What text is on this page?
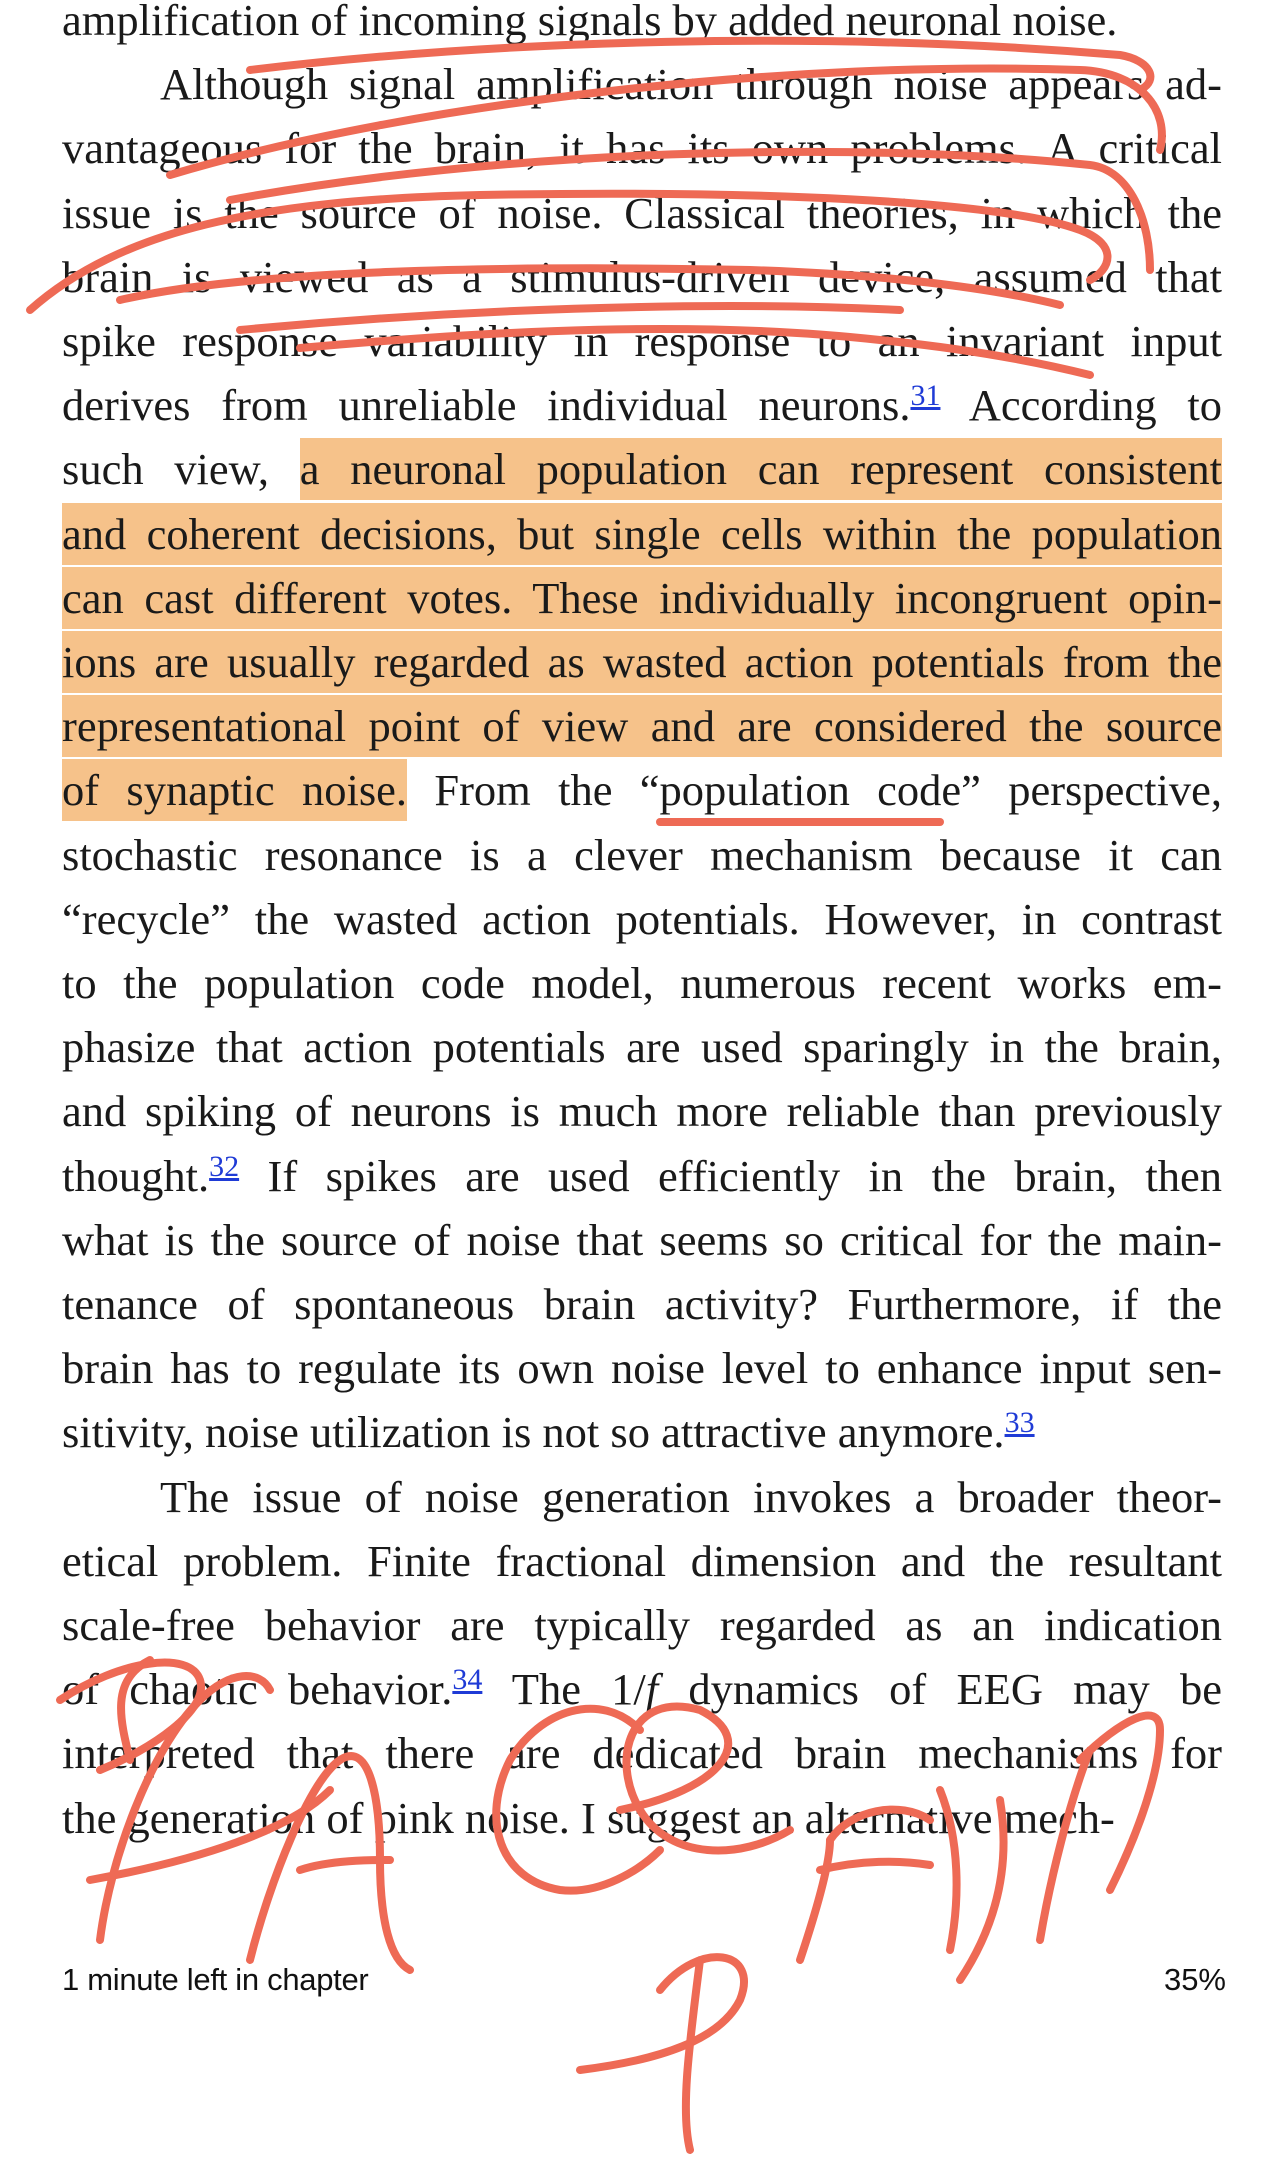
amplification of incoming signals by added neuronal noise.
Although signal amplification through noise appears ad-
vantageous for the brain, it has its own problems. A critical
issue is the source of noise. Classical theories, in which the
brain is viewed as a stimulus-driven device, assumed that
spike response variability in response to an invariant input
derives from unreliable individual neurons.$^{31}$ According to
such view, a neuronal population can represent consistent
and coherent decisions, but single cells within the population
can cast different votes. These individually incongruent opin-
ions are usually regarded as wasted action potentials from the
representational point of view and are considered the source
of synaptic noise. From the “population code” perspective,
stochastic resonance is a clever mechanism because it can
“recycle” the wasted action potentials. However, in contrast
to the population code model, numerous recent works em-
phasize that action potentials are used sparingly in the brain,
and spiking of neurons is much more reliable than previously
thought.$^{32}$ If spikes are used efficiently in the brain, then
what is the source of noise that seems so critical for the main-
tenance of spontaneous brain activity? Furthermore, if the
brain has to regulate its own noise level to enhance input sen-
sitivity, noise utilization is not so attractive anymore.$^{33}$
The issue of noise generation invokes a broader theor-
etical problem. Finite fractional dimension and the resultant
scale-free behavior are typically regarded as an indication
of chaotic behavior.$^{34}$ The 1/f dynamics of EEG may be
interpreted that there are dedicated brain mechanisms for
the generation of pink noise. I suggest an alternative mech-
1 minute left in chapter	35%
